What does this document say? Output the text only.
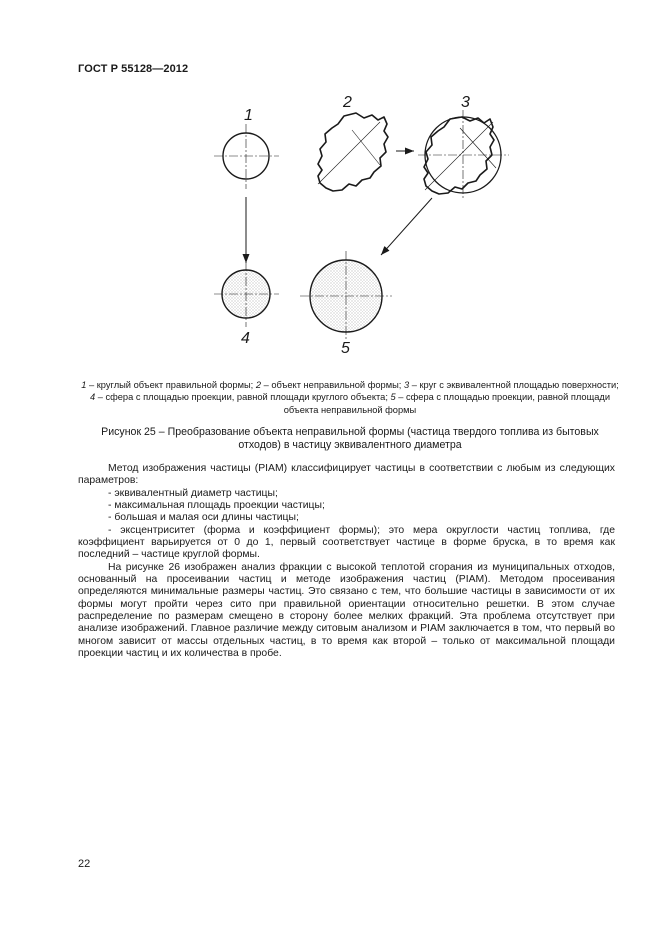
ГОСТ Р 55128—2012
1
2	3
4
5
1 – круглый объект правильной формы; 2 – объект неправильной формы; 3 – круг с эквивалентной площадью поверхности; 4 – сфера с площадью проекции, равной площади круглого объекта; 5 – сфера с площадью проекции, равной площади объекта неправильной формы
Рисунок 25 – Преобразование объекта неправильной формы (частица твердого топлива из бытовых отходов) в частицу эквивалентного диаметра

Метод изображения частицы (PIAM) классифицирует частицы в соответствии с любым из следующих параметров:

- эквивалентный диаметр частицы;

- максимальная площадь проекции частицы;

- большая и малая оси длины частицы;

- эксцентриситет (форма и коэффициент формы); это мера округлости частиц топлива, где коэффициент варьируется от 0 до 1, первый соответствует частице в форме бруска, в то время как последний – частице круглой формы.

На рисунке 26 изображен анализ фракции с высокой теплотой сгорания из муниципальных отходов, основанный на просеивании частиц и методе изображения частиц (PIAM). Методом просеивания определяются минимальные размеры частиц. Это связано с тем, что большие частицы в зависимости от их формы могут пройти через сито при правильной ориентации относительно решетки. В этом случае распределение по размерам смещено в сторону более мелких фракций. Эта проблема отсутствует при анализе изображений. Главное различие между ситовым анализом и PIAM заключается в том, что первый во многом зависит от массы отдельных частиц, в то время как второй – только от максимальной площади проекции частиц и их количества в пробе.

22
